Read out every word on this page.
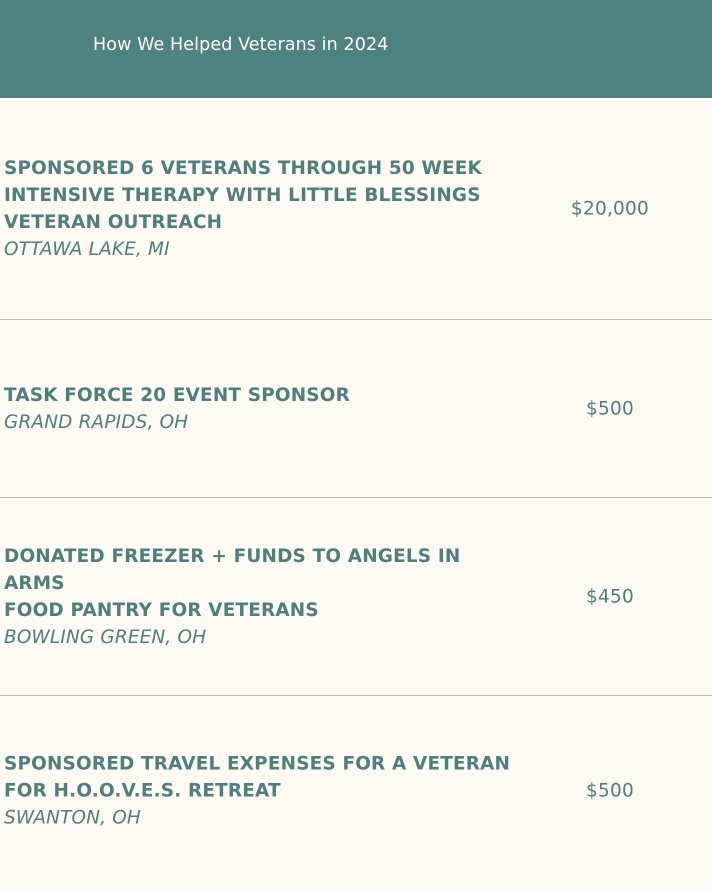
How We Helped Veterans in 2024
SPONSORED 6 VETERANS THROUGH 50 WEEK
INTENSIVE THERAPY WITH LITTLE BLESSINGS
VETERAN OUTREACH
OTTAWA LAKE, MI
$20,000
TASK FORCE 20 EVENT SPONSOR
GRAND RAPIDS, OH
$500
DONATED FREEZER + FUNDS TO ANGELS IN ARMS
FOOD PANTRY FOR VETERANS
BOWLING GREEN, OH
$450
SPONSORED TRAVEL EXPENSES FOR A VETERAN
FOR H.O.O.V.E.S. RETREAT
SWANTON, OH
$500
